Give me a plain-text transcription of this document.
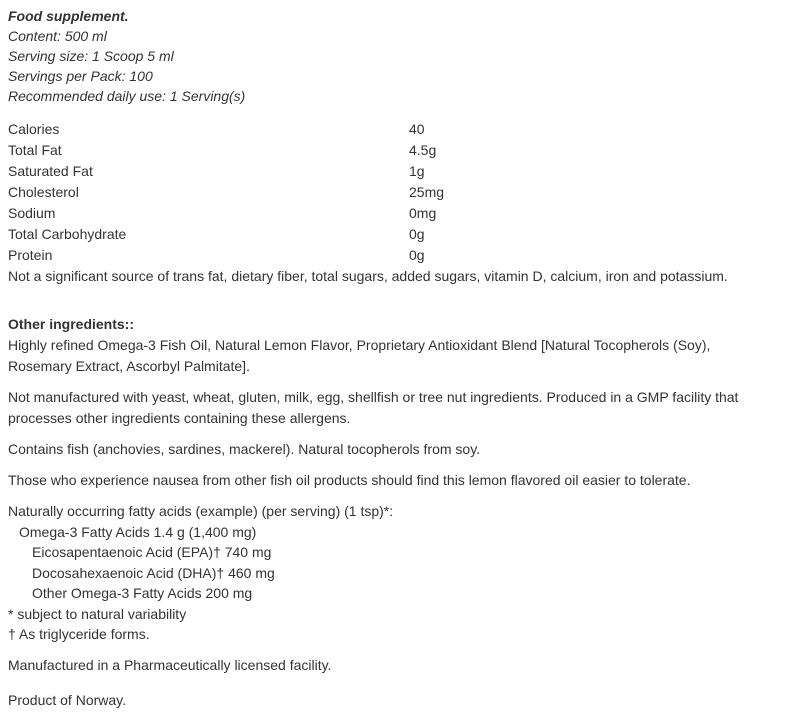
Food supplement.
Content: 500 ml
Serving size: 1 Scoop 5 ml
Servings per Pack: 100
Recommended daily use: 1 Serving(s)
Calories	40
Total Fat	4.5g
Saturated Fat	1g
Cholesterol	25mg
Sodium	0mg
Total Carbohydrate	0g
Protein	0g
Not a significant source of trans fat, dietary fiber, total sugars, added sugars, vitamin D, calcium, iron and potassium.
Other ingredients::

Highly refined Omega-3 Fish Oil, Natural Lemon Flavor, Proprietary Antioxidant Blend [Natural Tocopherols (Soy), Rosemary Extract, Ascorbyl Palmitate].

Not manufactured with yeast, wheat, gluten, milk, egg, shellfish or tree nut ingredients. Produced in a GMP facility that processes other ingredients containing these allergens.

Contains fish (anchovies, sardines, mackerel). Natural tocopherols from soy.

Those who experience nausea from other fish oil products should find this lemon flavored oil easier to tolerate.

Naturally occurring fatty acids (example) (per serving) (1 tsp)*:
Omega-3 Fatty Acids 1.4 g (1,400 mg)
Eicosapentaenoic Acid (EPA)† 740 mg
Docosahexaenoic Acid (DHA)† 460 mg
Other Omega-3 Fatty Acids 200 mg
* subject to natural variability
† As triglyceride forms.

Manufactured in a Pharmaceutically licensed facility.

Product of Norway.
